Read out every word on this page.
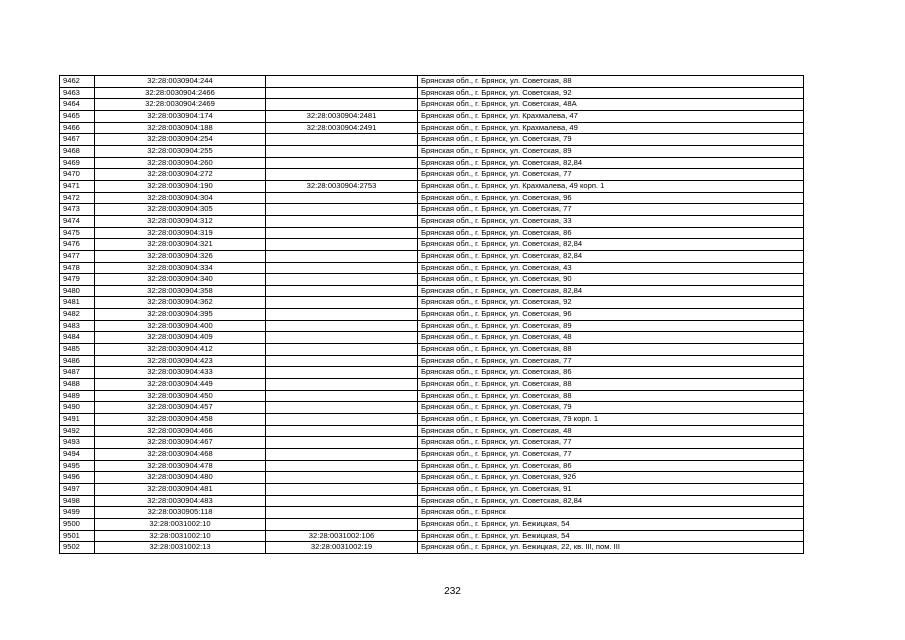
9462	32:28:0030904:244		Брянская обл., г. Брянск, ул. Советская, 88
9463	32:28:0030904:2466		Брянская обл., г. Брянск, ул. Советская, 92
9464	32:28:0030904:2469		Брянская обл., г. Брянск, ул. Советская, 48А
9465	32:28:0030904:174	32:28:0030904:2481	Брянская обл., г. Брянск, ул. Крахмалева, 47
9466	32:28:0030904:188	32:28:0030904:2491	Брянская обл., г. Брянск, ул. Крахмалева, 49
9467	32:28:0030904:254		Брянская обл., г. Брянск, ул. Советская, 79
9468	32:28:0030904:255		Брянская обл., г. Брянск, ул. Советская, 89
9469	32:28:0030904:260		Брянская обл., г. Брянск, ул. Советская, 82,84
9470	32:28:0030904:272		Брянская обл., г. Брянск, ул. Советская, 77
9471	32:28:0030904:190	32:28:0030904:2753	Брянская обл., г. Брянск, ул. Крахмалева, 49 корп. 1
9472	32:28:0030904:304		Брянская обл., г. Брянск, ул. Советская, 96
9473	32:28:0030904:305		Брянская обл., г. Брянск, ул. Советская, 77
9474	32:28:0030904:312		Брянская обл., г. Брянск, ул. Советская, 33
9475	32:28:0030904:319		Брянская обл., г. Брянск, ул. Советская, 86
9476	32:28:0030904:321		Брянская обл., г. Брянск, ул. Советская, 82,84
9477	32:28:0030904:326		Брянская обл., г. Брянск, ул. Советская, 82,84
9478	32:28:0030904:334		Брянская обл., г. Брянск, ул. Советская, 43
9479	32:28:0030904:340		Брянская обл., г. Брянск, ул. Советская, 90
9480	32:28:0030904:358		Брянская обл., г. Брянск, ул. Советская, 82,84
9481	32:28:0030904:362		Брянская обл., г. Брянск, ул. Советская, 92
9482	32:28:0030904:395		Брянская обл., г. Брянск, ул. Советская, 96
9483	32:28:0030904:400		Брянская обл., г. Брянск, ул. Советская, 89
9484	32:28:0030904:409		Брянская обл., г. Брянск, ул. Советская, 48
9485	32:28:0030904:412		Брянская обл., г. Брянск, ул. Советская, 88
9486	32:28:0030904:423		Брянская обл., г. Брянск, ул. Советская, 77
9487	32:28:0030904:433		Брянская обл., г. Брянск, ул. Советская, 86
9488	32:28:0030904:449		Брянская обл., г. Брянск, ул. Советская, 88
9489	32:28:0030904:450		Брянская обл., г. Брянск, ул. Советская, 88
9490	32:28:0030904:457		Брянская обл., г. Брянск, ул. Советская, 79
9491	32:28:0030904:458		Брянская обл., г. Брянск, ул. Советская, 79 корп. 1
9492	32:28:0030904:466		Брянская обл., г. Брянск, ул. Советская, 48
9493	32:28:0030904:467		Брянская обл., г. Брянск, ул. Советская, 77
9494	32:28:0030904:468		Брянская обл., г. Брянск, ул. Советская, 77
9495	32:28:0030904:478		Брянская обл., г. Брянск, ул. Советская, 86
9496	32:28:0030904:480		Брянская обл., г. Брянск, ул. Советская, 92б
9497	32:28:0030904:481		Брянская обл., г. Брянск, ул. Советская, 91
9498	32:28:0030904:483		Брянская обл., г. Брянск, ул. Советская, 82,84
9499	32:28:0030905:118		Брянская обл., г. Брянск
9500	32:28:0031002:10		Брянская обл., г. Брянск, ул. Бежицкая, 54
9501	32:28:0031002:10	32:28:0031002:106	Брянская обл., г. Брянск, ул. Бежицкая, 54
9502	32:28:0031002:13	32:28:0031002:19	Брянская обл., г. Брянск, ул. Бежицкая, 22, кв. III, пом. III
232
